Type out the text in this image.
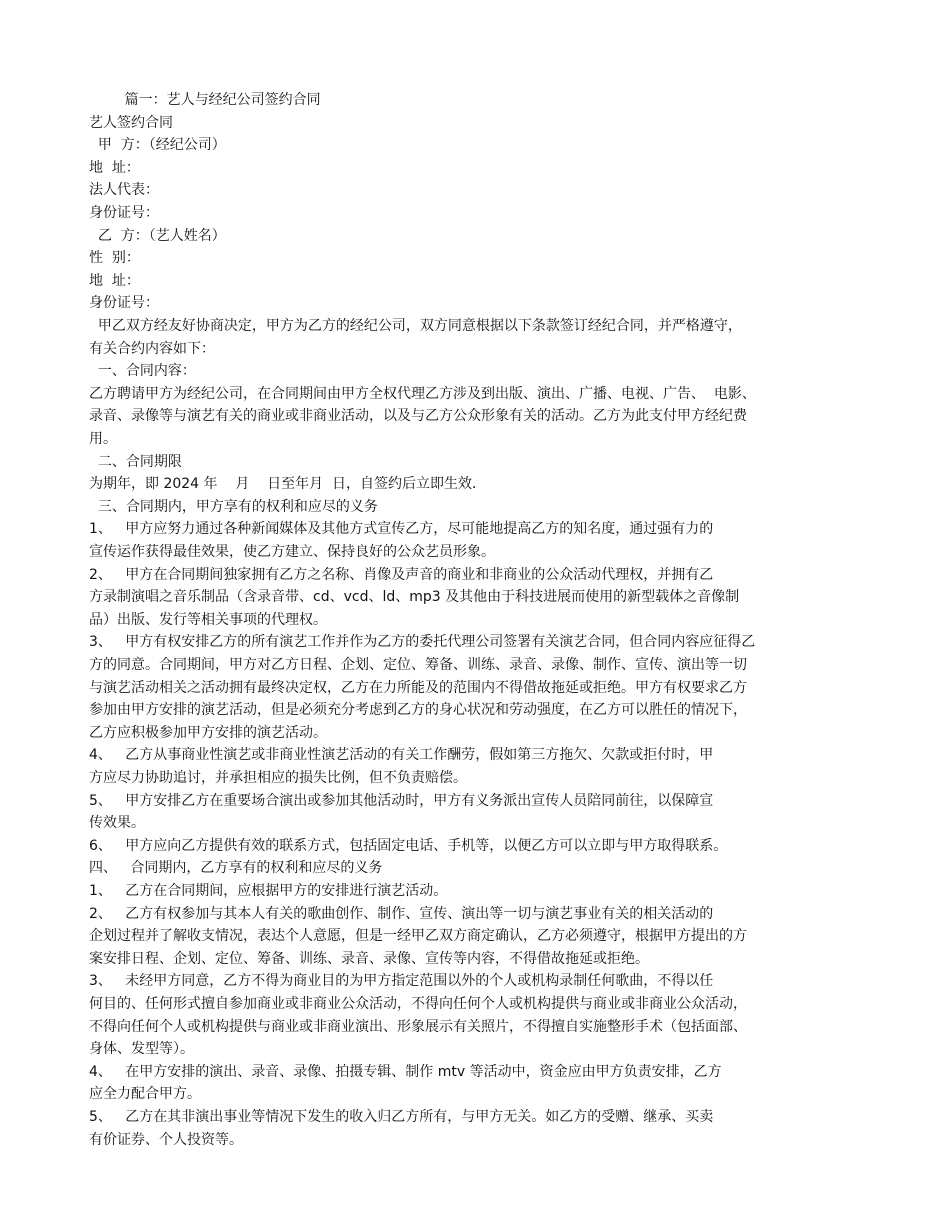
篇一：艺人与经纪公司签约合同

艺人签约合同

甲  方：（经纪公司）

地  址：

法人代表：

身份证号：

乙  方：（艺人姓名）

性  别：

地  址：

身份证号：

甲乙双方经友好协商决定，甲方为乙方的经纪公司，双方同意根据以下条款签订经纪合同，并严格遵守，

有关合约内容如下：

一、合同内容：

乙方聘请甲方为经纪公司，在合同期间由甲方全权代理乙方涉及到出版、演出、广播、电视、广告、  电影、

录音、录像等与演艺有关的商业或非商业活动，以及与乙方公众形象有关的活动。乙方为此支付甲方经纪费

用。

二、合同期限

为期年，即 2024 年    月    日至年月  日，自签约后立即生效．

三、合同期内，甲方享有的权利和应尽的义务

1、   甲方应努力通过各种新闻媒体及其他方式宣传乙方，尽可能地提高乙方的知名度，通过强有力的

宣传运作获得最佳效果，使乙方建立、保持良好的公众艺员形象。

2、   甲方在合同期间独家拥有乙方之名称、肖像及声音的商业和非商业的公众活动代理权，并拥有乙

方录制演唱之音乐制品（含录音带、cd、vcd、ld、mp3 及其他由于科技进展而使用的新型载体之音像制

品）出版、发行等相关事项的代理权。

3、   甲方有权安排乙方的所有演艺工作并作为乙方的委托代理公司签署有关演艺合同，但合同内容应征得乙

方的同意。合同期间，甲方对乙方日程、企划、定位、筹备、训练、录音、录像、制作、宣传、演出等一切

与演艺活动相关之活动拥有最终决定权，乙方在力所能及的范围内不得借故拖延或拒绝。甲方有权要求乙方

参加由甲方安排的演艺活动，但是必须充分考虑到乙方的身心状况和劳动强度，在乙方可以胜任的情况下，

乙方应积极参加甲方安排的演艺活动。

4、   乙方从事商业性演艺或非商业性演艺活动的有关工作酬劳，假如第三方拖欠、欠款或拒付时，甲

方应尽力协助追讨，并承担相应的损失比例，但不负责赔偿。

5、   甲方安排乙方在重要场合演出或参加其他活动时，甲方有义务派出宣传人员陪同前往，以保障宣

传效果。

6、   甲方应向乙方提供有效的联系方式，包括固定电话、手机等，以便乙方可以立即与甲方取得联系。

四、   合同期内，乙方享有的权利和应尽的义务

1、   乙方在合同期间，应根据甲方的安排进行演艺活动。

2、   乙方有权参加与其本人有关的歌曲创作、制作、宣传、演出等一切与演艺事业有关的相关活动的

企划过程并了解收支情况，表达个人意愿，但是一经甲乙双方商定确认，乙方必须遵守，根据甲方提出的方

案安排日程、企划、定位、筹备、训练、录音、录像、宣传等内容，不得借故拖延或拒绝。

3、   未经甲方同意，乙方不得为商业目的为甲方指定范围以外的个人或机构录制任何歌曲，不得以任

何目的、任何形式擅自参加商业或非商业公众活动，不得向任何个人或机构提供与商业或非商业公众活动，

不得向任何个人或机构提供与商业或非商业演出、形象展示有关照片，不得擅自实施整形手术（包括面部、

身体、发型等）。

4、   在甲方安排的演出、录音、录像、拍摄专辑、制作 mtv 等活动中，资金应由甲方负责安排，乙方

应全力配合甲方。

5、   乙方在其非演出事业等情况下发生的收入归乙方所有，与甲方无关。如乙方的受赠、继承、买卖

有价证券、个人投资等。
